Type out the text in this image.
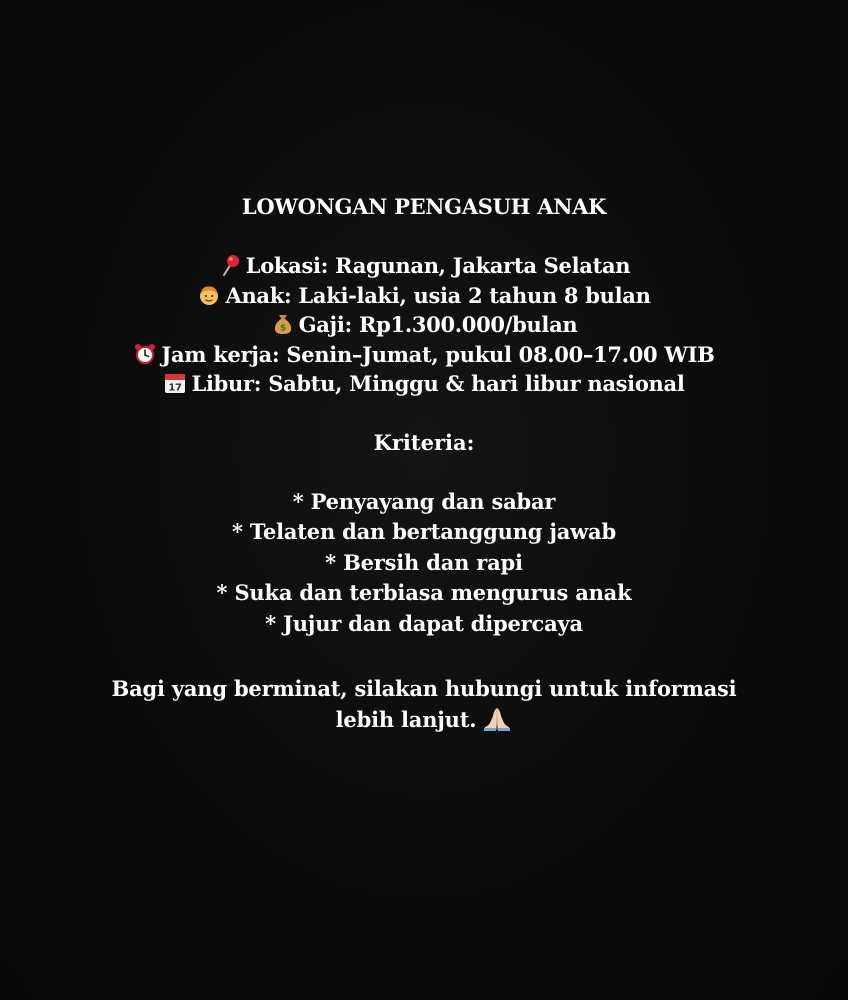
LOWONGAN PENGASUH ANAK
Lokasi: Ragunan, Jakarta Selatan
Anak: Laki-laki, usia 2 tahun 8 bulan
$ Gaji: Rp1.300.000/bulan
Jam kerja: Senin–Jumat, pukul 08.00–17.00 WIB
17 Libur: Sabtu, Minggu & hari libur nasional
Kriteria:
* Penyayang dan sabar
* Telaten dan bertanggung jawab
* Bersih dan rapi
* Suka dan terbiasa mengurus anak
* Jujur dan dapat dipercaya
Bagi yang berminat, silakan hubungi untuk informasi
lebih lanjut.
